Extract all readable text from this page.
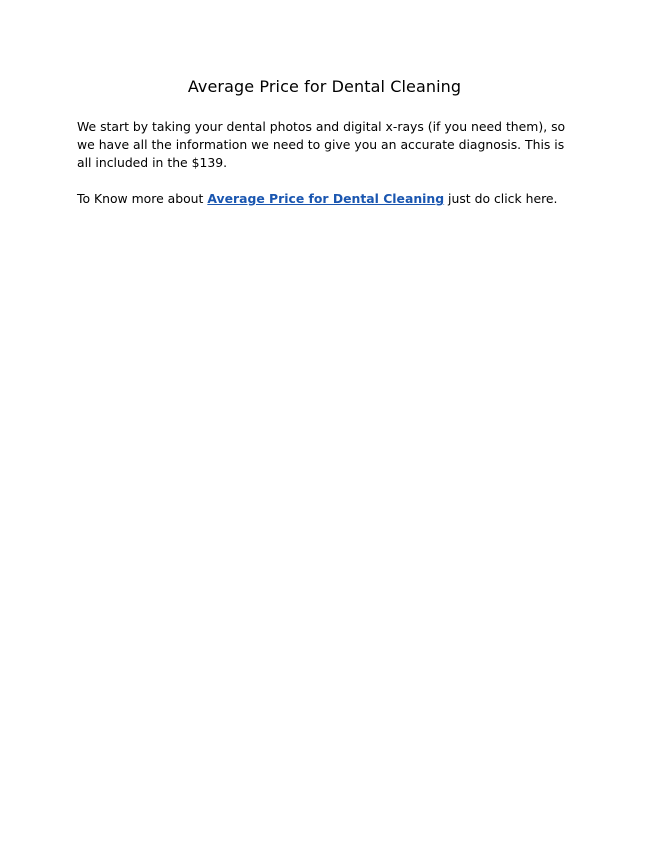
Average Price for Dental Cleaning

We start by taking your dental photos and digital x-rays (if you need them), so we have all the information we need to give you an accurate diagnosis. This is all included in the $139.

To Know more about Average Price for Dental Cleaning just do click here.
